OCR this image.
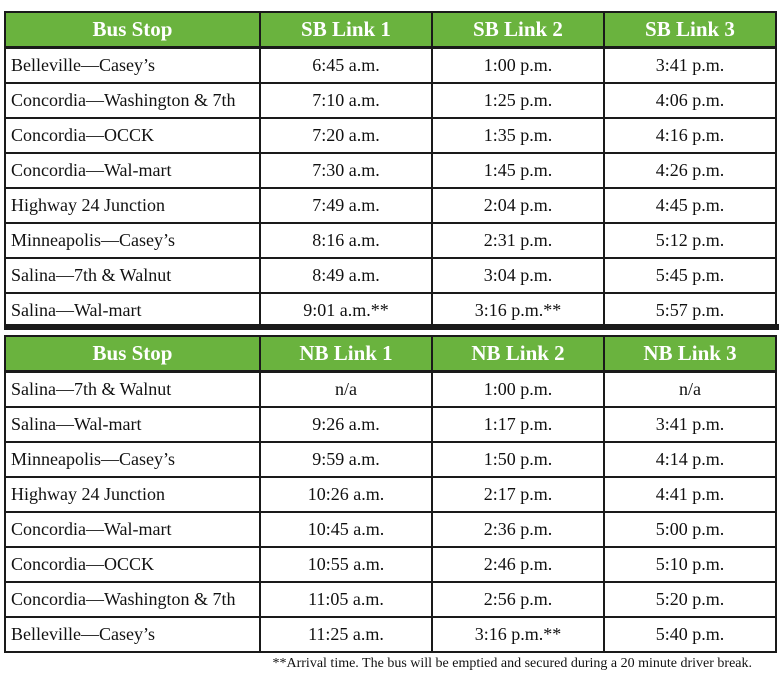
Bus Stop	SB Link 1	SB Link 2	SB Link 3
Belleville—Casey’s	6:45 a.m.	1:00 p.m.	3:41 p.m.
Concordia—Washington & 7th	7:10 a.m.	1:25 p.m.	4:06 p.m.
Concordia—OCCK	7:20 a.m.	1:35 p.m.	4:16 p.m.
Concordia—Wal-mart	7:30 a.m.	1:45 p.m.	4:26 p.m.
Highway 24 Junction	7:49 a.m.	2:04 p.m.	4:45 p.m.
Minneapolis—Casey’s	8:16 a.m.	2:31 p.m.	5:12 p.m.
Salina—7th & Walnut	8:49 a.m.	3:04 p.m.	5:45 p.m.
Salina—Wal-mart	9:01 a.m.**	3:16 p.m.**	5:57 p.m.
Bus Stop	NB Link 1	NB Link 2	NB Link 3
Salina—7th & Walnut	n/a	1:00 p.m.	n/a
Salina—Wal-mart	9:26 a.m.	1:17 p.m.	3:41 p.m.
Minneapolis—Casey’s	9:59 a.m.	1:50 p.m.	4:14 p.m.
Highway 24 Junction	10:26 a.m.	2:17 p.m.	4:41 p.m.
Concordia—Wal-mart	10:45 a.m.	2:36 p.m.	5:00 p.m.
Concordia—OCCK	10:55 a.m.	2:46 p.m.	5:10 p.m.
Concordia—Washington & 7th	11:05 a.m.	2:56 p.m.	5:20 p.m.
Belleville—Casey’s	11:25 a.m.	3:16 p.m.**	5:40 p.m.
**Arrival time. The bus will be emptied and secured during a 20 minute driver break.
